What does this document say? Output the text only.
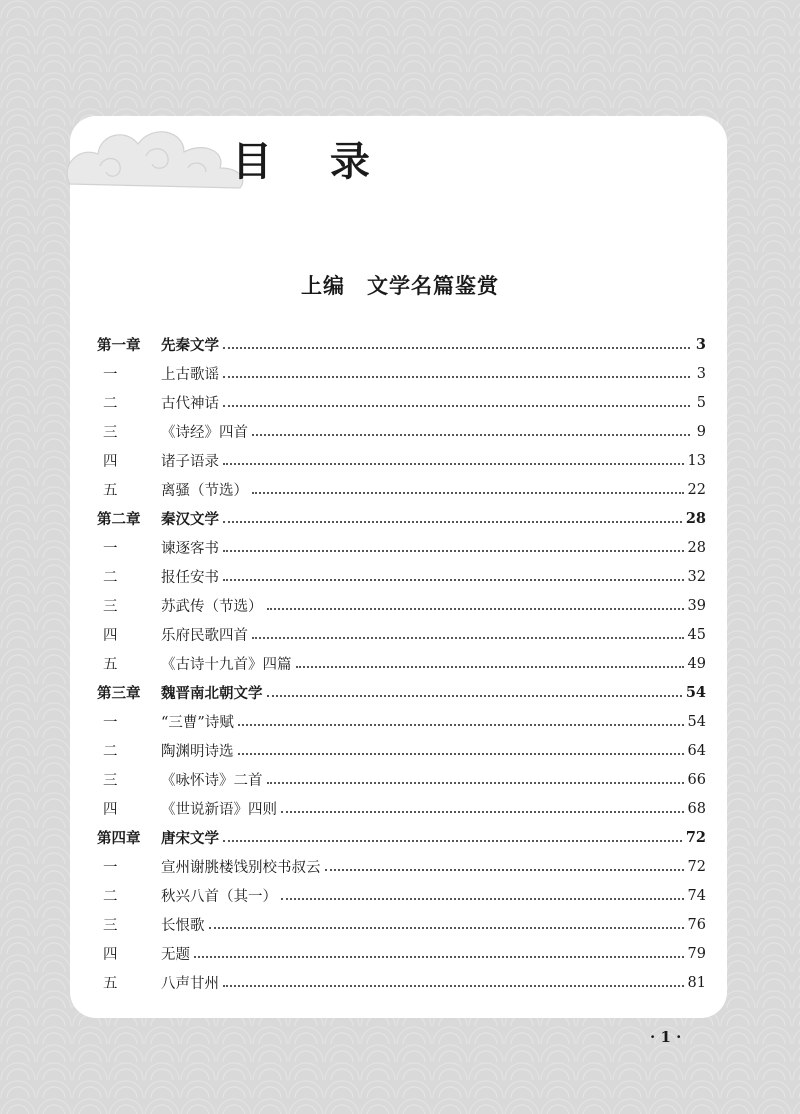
目 录
上编　文学名篇鉴赏
第一章	先秦文学	3
一	上古歌谣	3
二	古代神话	5
三	《诗经》四首	9
四	诸子语录	13
五	离骚（节选）	22
第二章	秦汉文学	28
一	谏逐客书	28
二	报任安书	32
三	苏武传（节选）	39
四	乐府民歌四首	45
五	《古诗十九首》四篇	49
第三章	魏晋南北朝文学	54
一	“三曹”诗赋	54
二	陶渊明诗选	64
三	《咏怀诗》二首	66
四	《世说新语》四则	68
第四章	唐宋文学	72
一	宣州谢朓楼饯别校书叔云	72
二	秋兴八首（其一）	74
三	长恨歌	76
四	无题	79
五	八声甘州	81
· 1 ·
